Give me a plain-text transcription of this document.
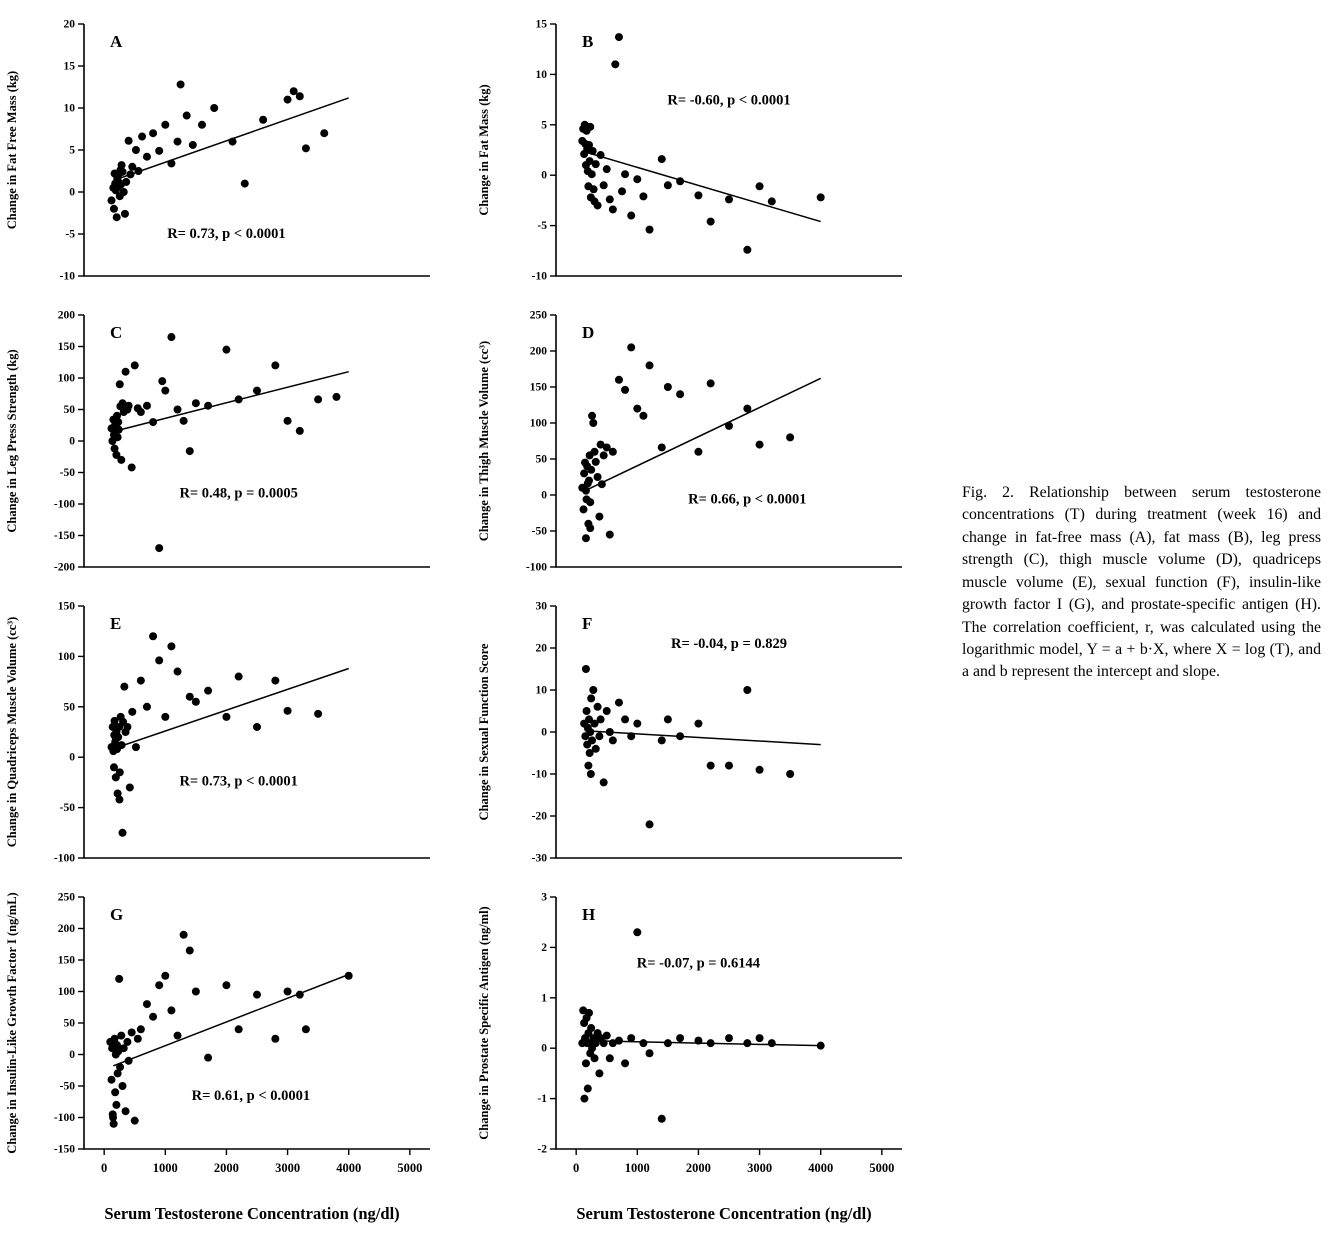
20
15
10
5
0
-5
-10
A
R= 0.73, p < 0.0001
Change in Fat Free Mass (kg)
200
150
100
50
0
-50
-100
-150
-200
C
R= 0.48, p = 0.0005
Change in Leg Press Strength (kg)
150
100
50
0
-50
-100
E
R= 0.73, p < 0.0001
Change in Quadriceps Muscle Volume (cc³)
250
200
150
100
50
0
-50
-100
-150
0	1000	2000	3000	4000	5000
G
R= 0.61, p < 0.0001
Change in Insulin-Like Growth Factor I (ng/mL)
Serum Testosterone Concentration (ng/dl)
15
10
5
0
-5
-10
B
R= -0.60, p < 0.0001
Change in Fat Mass (kg)
250
200
150
100
50
0
-50
-100
D
R= 0.66, p < 0.0001
Change in Thigh Muscle Volume (cc³)
30
20
10
0
-10
-20
-30
F
R= -0.04, p = 0.829
Change in Sexual Function Score
3
2
1
0
-1
-2
0	1000	2000	3000	4000	5000
H
R= -0.07, p = 0.6144
Change in Prostate Specific Antigen (ng/ml)
Serum Testosterone Concentration (ng/dl)
Fig. 2. Relationship between serum testosterone concentrations (T) during treatment (week 16) and change in fat-free mass (A), fat mass (B), leg press strength (C), thigh muscle volume (D), quadriceps muscle volume (E), sexual function (F), insulin-like growth factor I (G), and prostate-specific antigen (H). The correlation coefficient, r, was calculated using the logarithmic model, Y = a + b·X, where X = log (T), and a and b represent the intercept and slope.
